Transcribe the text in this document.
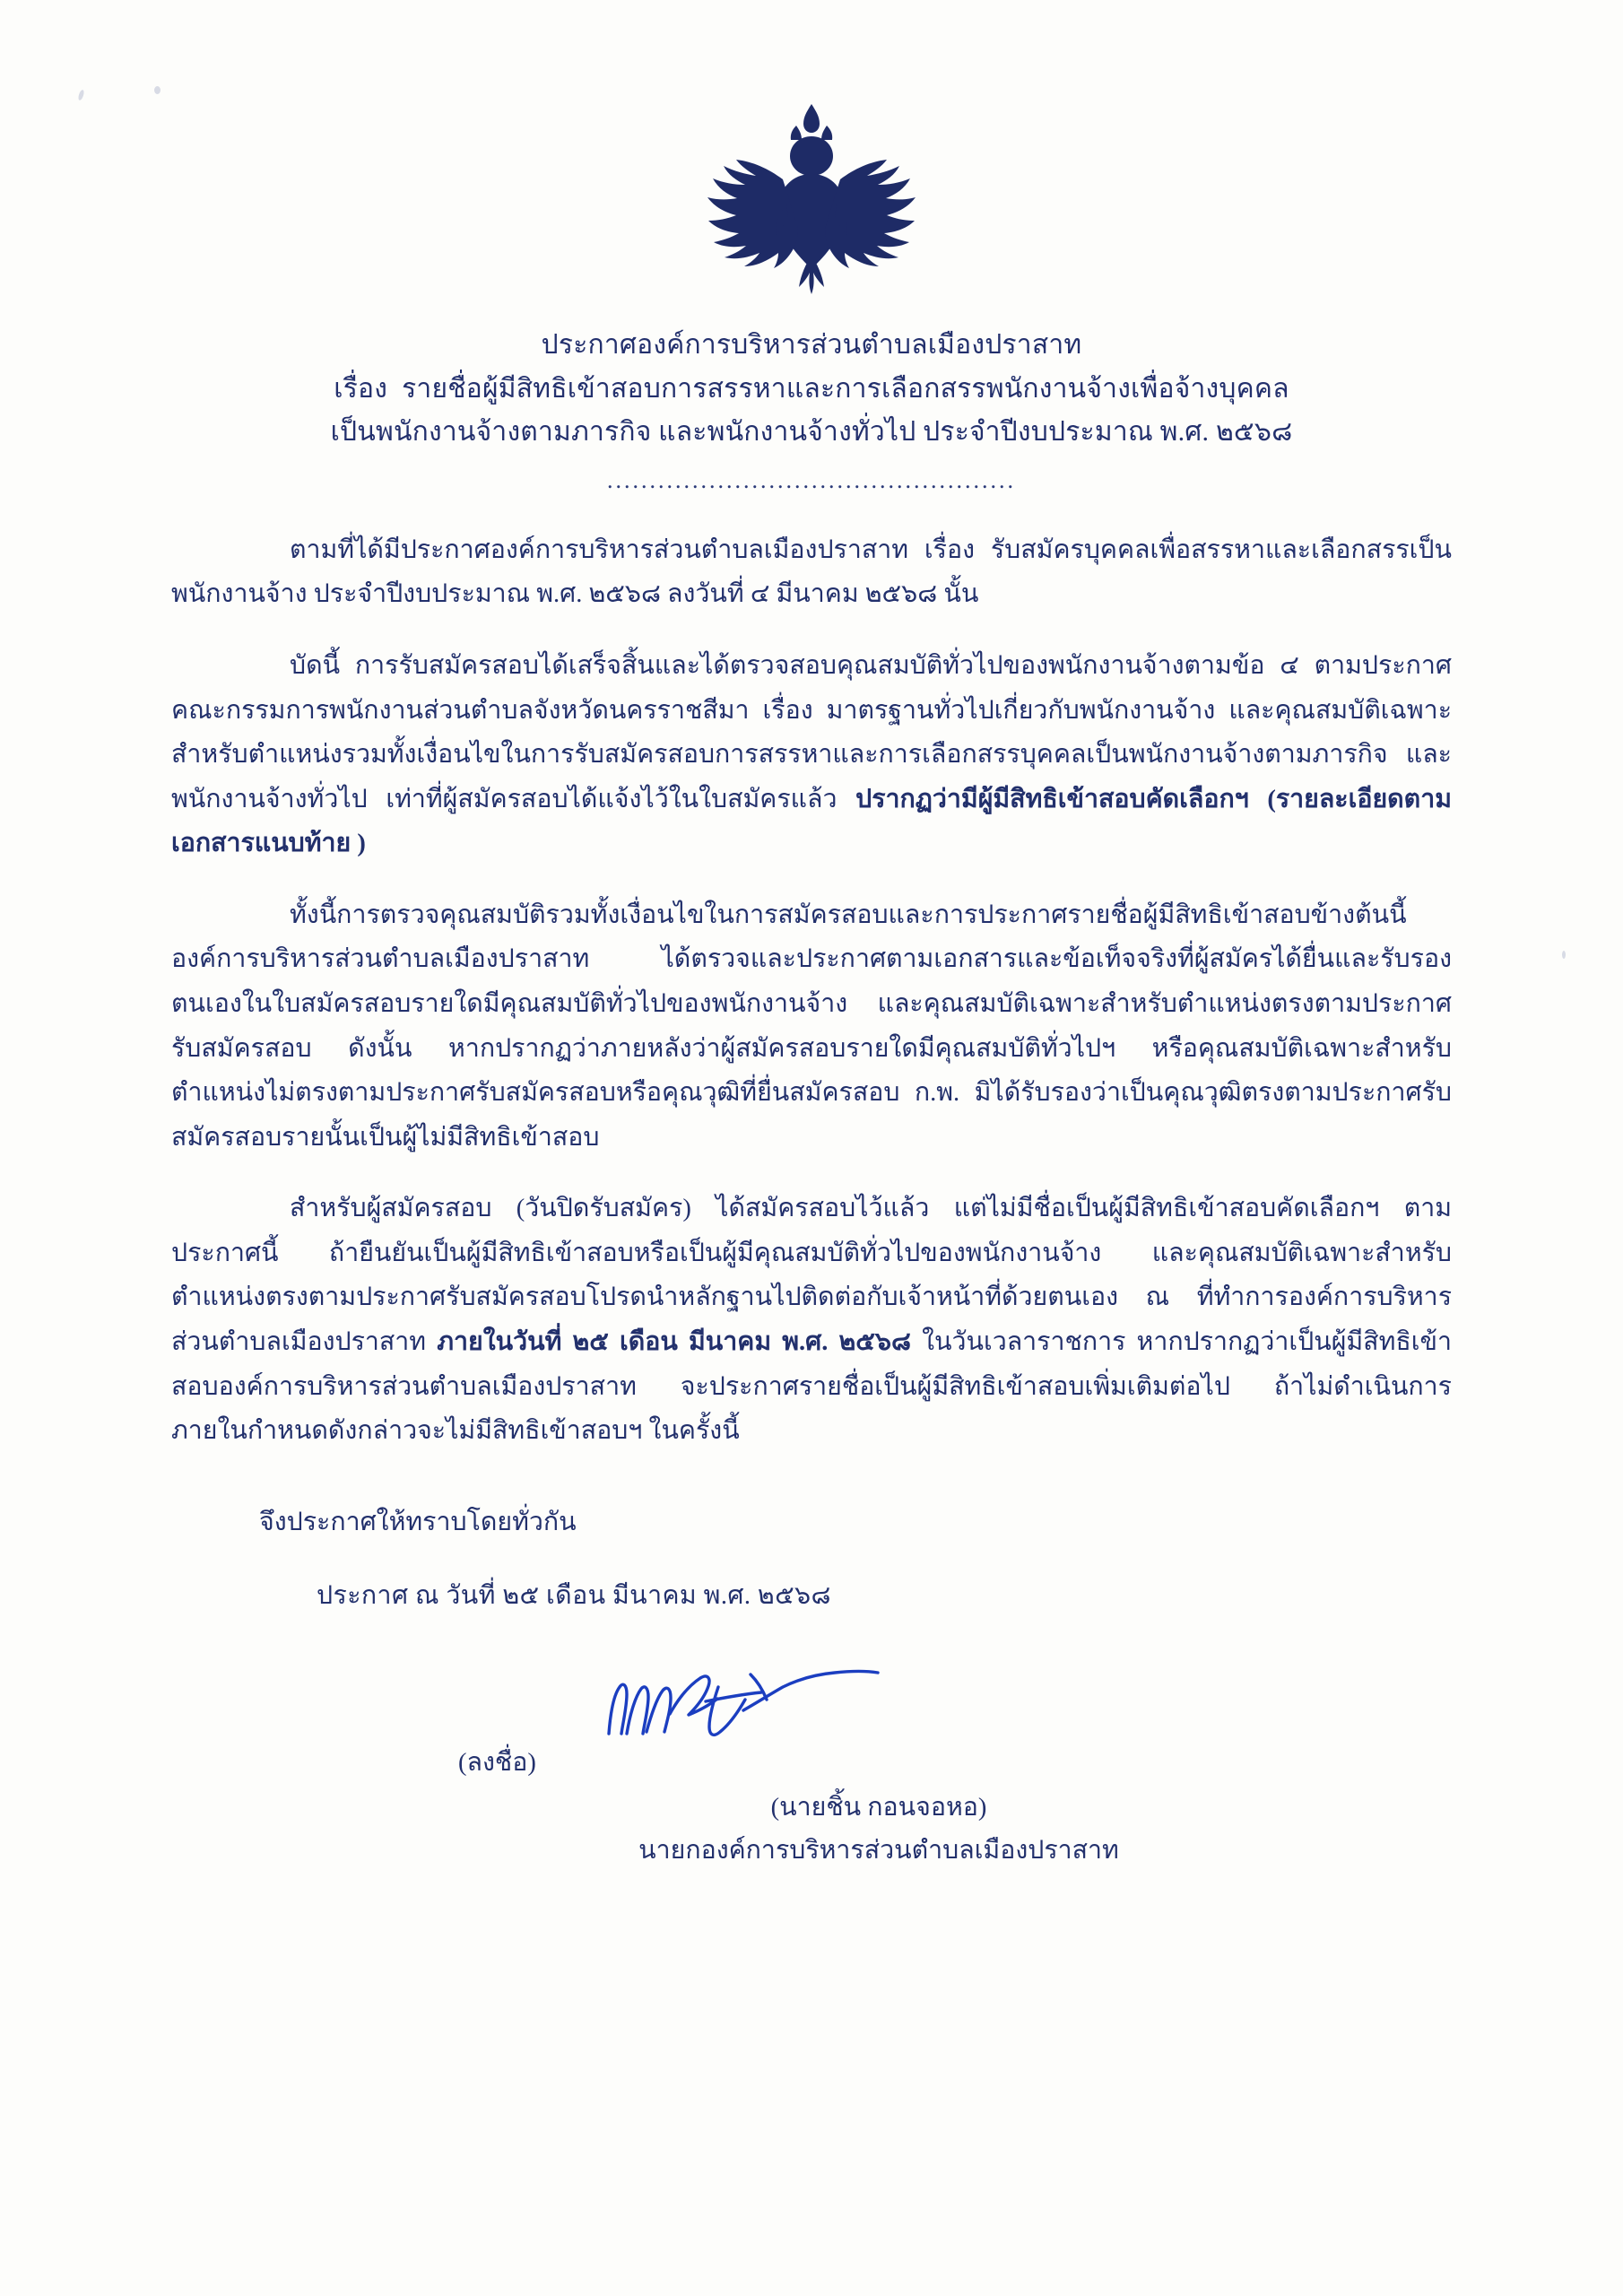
ประกาศองค์การบริหารส่วนตำบลเมืองปราสาท
เรื่อง รายชื่อผู้มีสิทธิเข้าสอบการสรรหาและการเลือกสรรพนักงานจ้างเพื่อจ้างบุคคล
เป็นพนักงานจ้างตามภารกิจ และพนักงานจ้างทั่วไป ประจำปีงบประมาณ พ.ศ. ๒๕๖๘
................................................

ตามที่ได้มีประกาศองค์การบริหารส่วนตำบลเมืองปราสาท เรื่อง รับสมัครบุคคลเพื่อสรรหาและเลือกสรรเป็นพนักงานจ้าง ประจำปีงบประมาณ พ.ศ. ๒๕๖๘ ลงวันที่ ๔ มีนาคม ๒๕๖๘ นั้น

บัดนี้ การรับสมัครสอบได้เสร็จสิ้นและได้ตรวจสอบคุณสมบัติทั่วไปของพนักงานจ้างตามข้อ ๔ ตามประกาศคณะกรรมการพนักงานส่วนตำบลจังหวัดนครราชสีมา เรื่อง มาตรฐานทั่วไปเกี่ยวกับพนักงานจ้าง และคุณสมบัติเฉพาะสำหรับตำแหน่งรวมทั้งเงื่อนไขในการรับสมัครสอบการสรรหาและการเลือกสรรบุคคลเป็นพนักงานจ้างตามภารกิจ และพนักงานจ้างทั่วไป เท่าที่ผู้สมัครสอบได้แจ้งไว้ในใบสมัครแล้ว ปรากฏว่ามีผู้มีสิทธิเข้าสอบคัดเลือกฯ (รายละเอียดตามเอกสารแนบท้าย )

ทั้งนี้การตรวจคุณสมบัติรวมทั้งเงื่อนไขในการสมัครสอบและการประกาศรายชื่อผู้มีสิทธิเข้าสอบข้างต้นนี้ องค์การบริหารส่วนตำบลเมืองปราสาท ได้ตรวจและประกาศตามเอกสารและข้อเท็จจริงที่ผู้สมัครได้ยื่นและรับรองตนเองในใบสมัครสอบรายใดมีคุณสมบัติทั่วไปของพนักงานจ้าง และคุณสมบัติเฉพาะสำหรับตำแหน่งตรงตามประกาศรับสมัครสอบ ดังนั้น หากปรากฏว่าภายหลังว่าผู้สมัครสอบรายใดมีคุณสมบัติทั่วไปฯ หรือคุณสมบัติเฉพาะสำหรับตำแหน่งไม่ตรงตามประกาศรับสมัครสอบหรือคุณวุฒิที่ยื่นสมัครสอบ ก.พ. มิได้รับรองว่าเป็นคุณวุฒิตรงตามประกาศรับสมัครสอบรายนั้นเป็นผู้ไม่มีสิทธิเข้าสอบ

สำหรับผู้สมัครสอบ (วันปิดรับสมัคร) ได้สมัครสอบไว้แล้ว แต่ไม่มีชื่อเป็นผู้มีสิทธิเข้าสอบคัดเลือกฯ ตามประกาศนี้ ถ้ายืนยันเป็นผู้มีสิทธิเข้าสอบหรือเป็นผู้มีคุณสมบัติทั่วไปของพนักงานจ้าง และคุณสมบัติเฉพาะสำหรับตำแหน่งตรงตามประกาศรับสมัครสอบโปรดนำหลักฐานไปติดต่อกับเจ้าหน้าที่ด้วยตนเอง ณ ที่ทำการองค์การบริหารส่วนตำบลเมืองปราสาท ภายในวันที่ ๒๕ เดือน มีนาคม พ.ศ. ๒๕๖๘ ในวันเวลาราชการ หากปรากฏว่าเป็นผู้มีสิทธิเข้าสอบองค์การบริหารส่วนตำบลเมืองปราสาท จะประกาศรายชื่อเป็นผู้มีสิทธิเข้าสอบเพิ่มเติมต่อไป ถ้าไม่ดำเนินการภายในกำหนดดังกล่าวจะไม่มีสิทธิเข้าสอบฯ ในครั้งนี้

จึงประกาศให้ทราบโดยทั่วกัน
ประกาศ ณ วันที่ ๒๕ เดือน มีนาคม พ.ศ. ๒๕๖๘
(ลงชื่อ)
(นายชิ้น กอนจอหอ)
นายกองค์การบริหารส่วนตำบลเมืองปราสาท
